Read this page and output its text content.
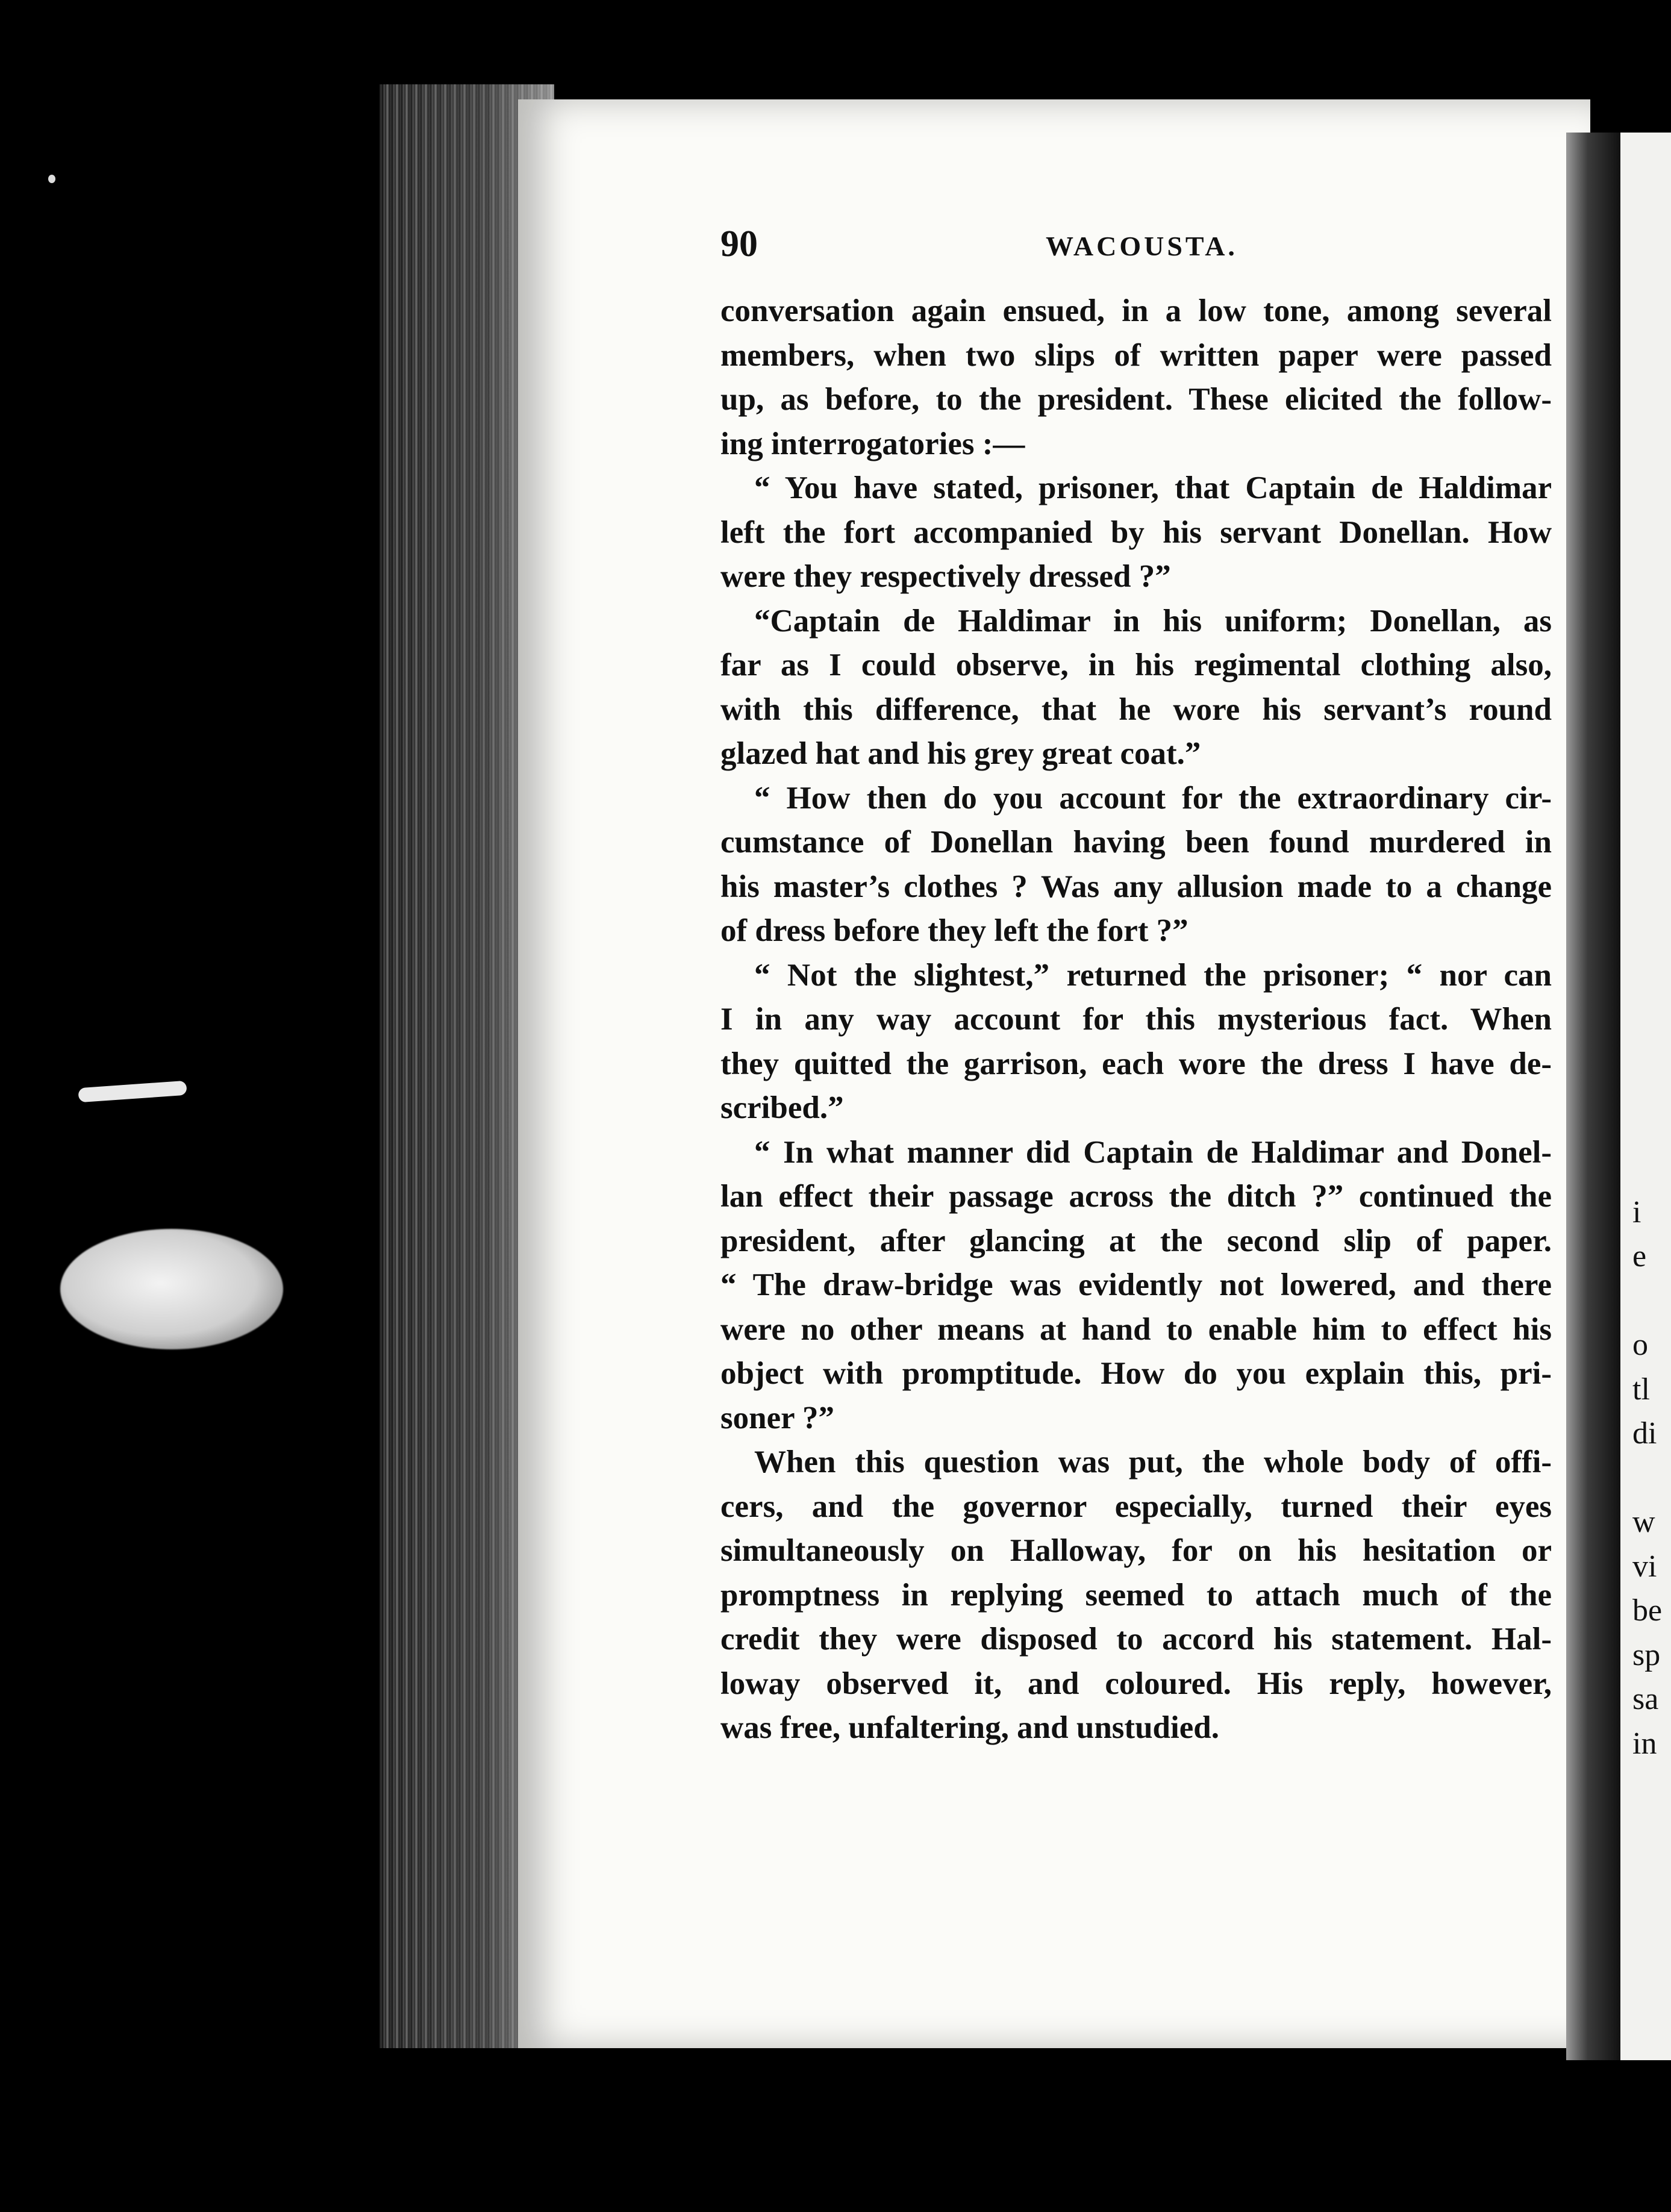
i
e
o
tl
di
w
vi
be
sp
sa
in
90	WACOUSTA.
conversation again ensued, in a low tone, among several
members, when two slips of written paper were passed
up, as before, to the president. These elicited the follow-
ing interrogatories :—
“ You have stated, prisoner, that Captain de Haldimar
left the fort accompanied by his servant Donellan. How
were they respectively dressed ?”
“Captain de Haldimar in his uniform; Donellan, as
far as I could observe, in his regimental clothing also,
with this difference, that he wore his servant’s round
glazed hat and his grey great coat.”
“ How then do you account for the extraordinary cir-
cumstance of Donellan having been found murdered in
his master’s clothes ? Was any allusion made to a change
of dress before they left the fort ?”
“ Not the slightest,” returned the prisoner; “ nor can
I in any way account for this mysterious fact. When
they quitted the garrison, each wore the dress I have de-
scribed.”
“ In what manner did Captain de Haldimar and Donel-
lan effect their passage across the ditch ?” continued the
president, after glancing at the second slip of paper.
“ The draw-bridge was evidently not lowered, and there
were no other means at hand to enable him to effect his
object with promptitude. How do you explain this, pri-
soner ?”
When this question was put, the whole body of offi-
cers, and the governor especially, turned their eyes
simultaneously on Halloway, for on his hesitation or
promptness in replying seemed to attach much of the
credit they were disposed to accord his statement. Hal-
loway observed it, and coloured. His reply, however,
was free, unfaltering, and unstudied.
